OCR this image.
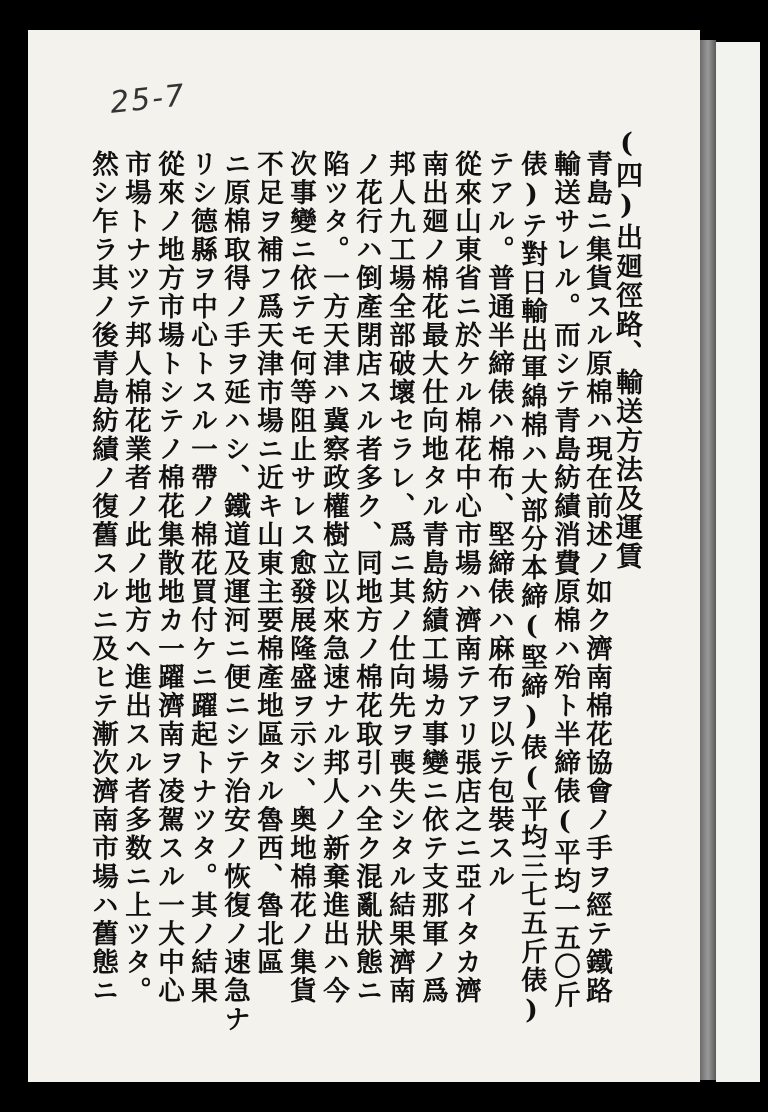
25-7
(四)出廻徑路、輸送方法及運賃
青島ニ集貨スル原棉ハ現在前述ノ如ク濟南棉花協會ノ手ヲ經テ鐵路
輸送サレル。而シテ青島紡績消費原棉ハ殆ト半締俵(平均一五〇斤
俵)テ對日輸出軍綿棉ハ大部分本締(堅締)俵(平均三七五斤俵)
テアル。普通半締俵ハ棉布、堅締俵ハ麻布ヲ以テ包裝スル
從來山東省ニ於ケル棉花中心市場ハ濟南テアリ張店之ニ亞イタカ濟
南出廻ノ棉花最大仕向地タル青島紡績工場カ事變ニ依テ支那軍ノ爲
邦人九工場全部破壞セラレ、爲ニ其ノ仕向先ヲ喪失シタル結果濟南
ノ花行ハ倒產閉店スル者多ク、同地方ノ棉花取引ハ全ク混亂狀態ニ
陷ツタ。一方天津ハ冀察政權樹立以來急速ナル邦人ノ新棄進出ハ今
次事變ニ依テモ何等阻止サレス愈發展隆盛ヲ示シ、奥地棉花ノ集貨
不足ヲ補フ爲天津市場ニ近キ山東主要棉產地區タル魯西、魯北區
ニ原棉取得ノ手ヲ延ハシ、鐵道及運河ニ便ニシテ治安ノ恢復ノ速急ナ
リシ德縣ヲ中心トスル一帶ノ棉花買付ケニ躍起トナツタ。其ノ結果
從來ノ地方市場トシテノ棉花集散地カ一躍濟南ヲ凌駕スル一大中心
市場トナツテ邦人棉花業者ノ此ノ地方ヘ進出スル者多数ニ上ツタ。
然シ乍ラ其ノ後青島紡績ノ復舊スルニ及ヒテ漸次濟南市場ハ舊態ニ
